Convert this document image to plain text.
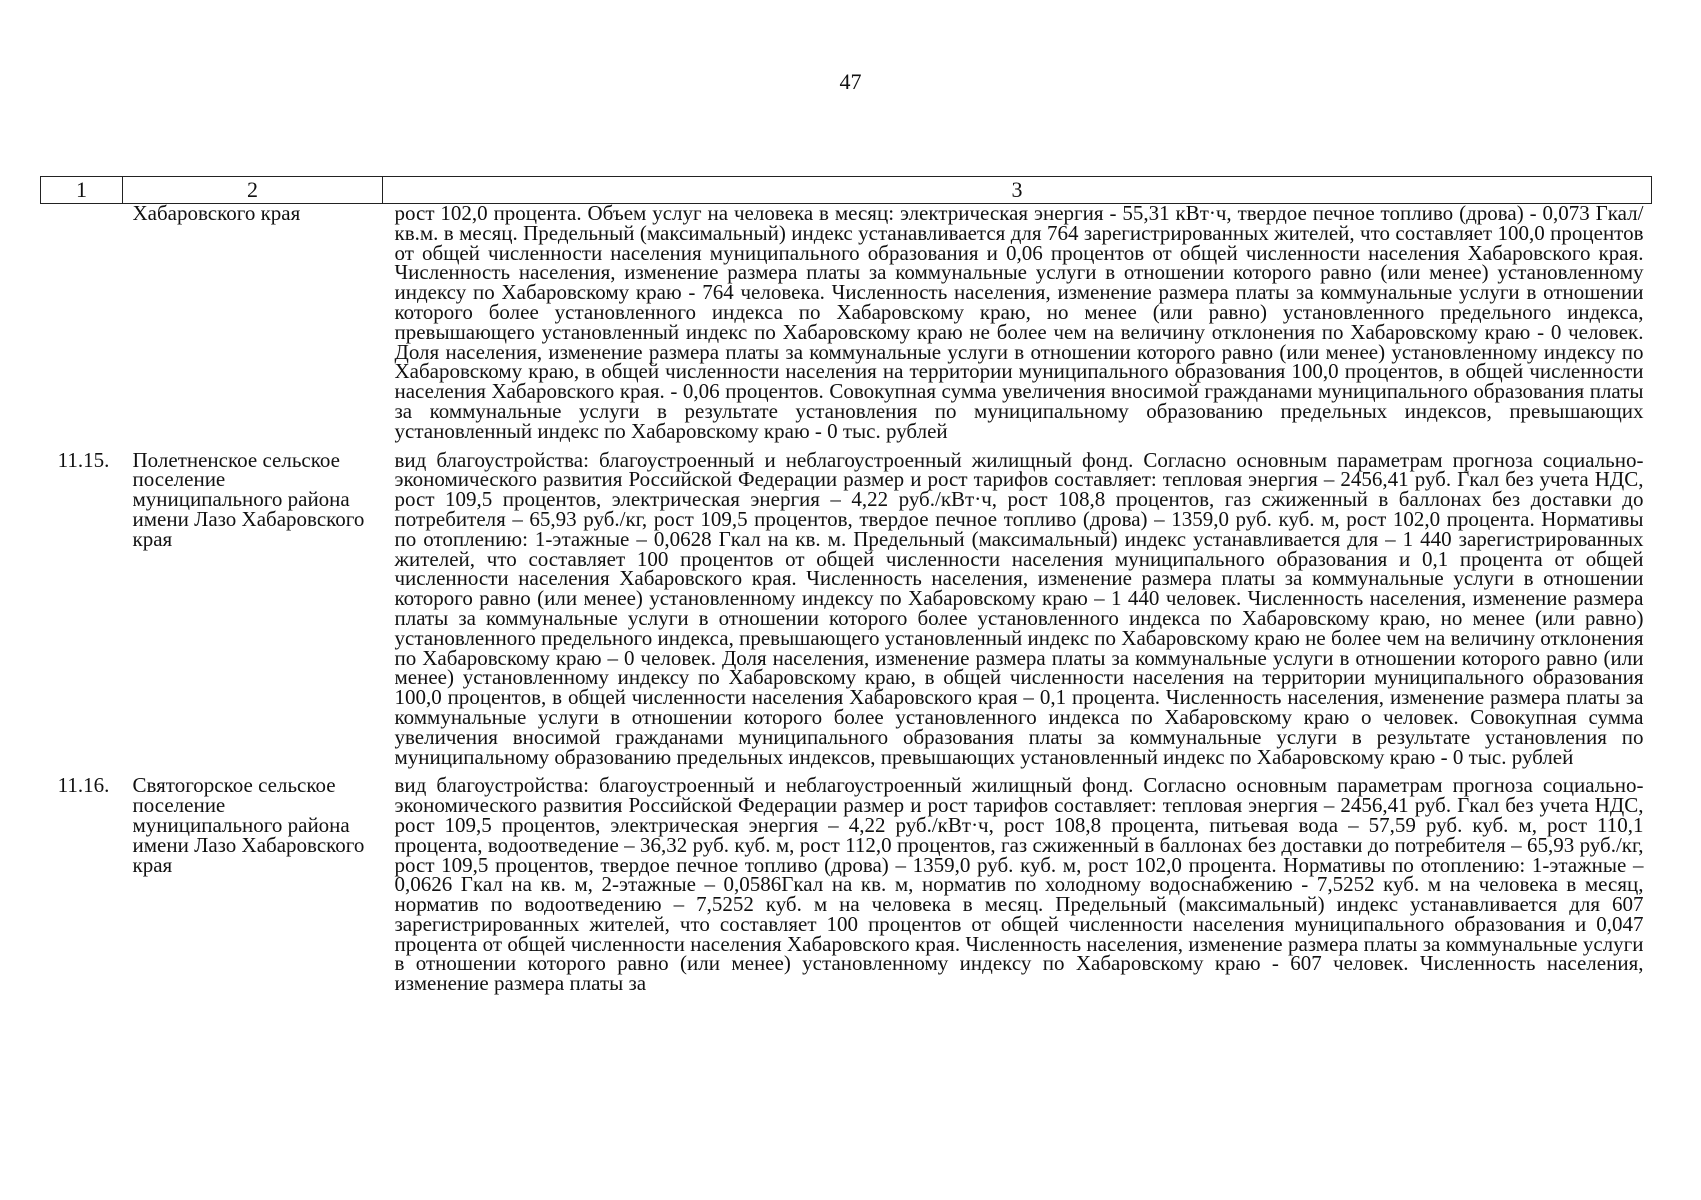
47
1	2	3
	Хабаровского края	рост 102,0 процента. Объем услуг на человека в месяц: электрическая энергия - 55,31 кВт·ч, твердое печное топливо (дрова) - 0,073 Гкал/кв.м. в месяц. Предельный (максимальный) индекс устанавливается для 764 зарегистрированных жителей, что составляет 100,0 процентов от общей численности населения муниципального образования и 0,06 процентов от общей численности населения Хабаровского края. Численность населения, изменение размера платы за коммунальные услуги в отношении которого равно (или менее) установленному индексу по Хабаровскому краю - 764 человека. Численность населения, изменение размера платы за коммунальные услуги в отношении которого более установленного индекса по Хабаровскому краю, но менее (или равно) установленного предельного индекса, превышающего установленный индекс по Хабаровскому краю не более чем на величину отклонения по Хабаровскому краю - 0 человек. Доля населения, изменение размера платы за коммунальные услуги в отношении которого равно (или менее) установленному индексу по Хабаровскому краю, в общей численности населения на территории муниципального образования 100,0 процентов, в общей численности населения Хабаровского края. - 0,06 процентов. Совокупная сумма увеличения вносимой гражданами муниципального образования платы за коммунальные услуги в результате установления по муниципальному образованию предельных индексов, превышающих установленный индекс по Хабаровскому краю - 0 тыс. рублей
11.15.	Полетненское сельское поселение муниципального района имени Лазо Хабаровского края	вид благоустройства: благоустроенный и неблагоустроенный жилищный фонд. Согласно основным параметрам прогноза социально-экономического развития Российской Федерации размер и рост тарифов составляет: тепловая энергия – 2456,41 руб. Гкал без учета НДС, рост 109,5 процентов, электрическая энергия – 4,22 руб./кВт·ч, рост 108,8 процентов, газ сжиженный в баллонах без доставки до потребителя – 65,93 руб./кг, рост 109,5 процентов, твердое печное топливо (дрова) – 1359,0 руб. куб. м, рост 102,0 процента. Нормативы по отоплению: 1-этажные – 0,0628 Гкал на кв. м. Предельный (максимальный) индекс устанавливается для – 1 440 зарегистрированных жителей, что составляет 100 процентов от общей численности населения муниципального образования и 0,1 процента от общей численности населения Хабаровского края. Численность населения, изменение размера платы за коммунальные услуги в отношении которого равно (или менее) установленному индексу по Хабаровскому краю – 1 440 человек. Численность населения, изменение размера платы за коммунальные услуги в отношении которого более установленного индекса по Хабаровскому краю, но менее (или равно) установленного предельного индекса, превышающего установленный индекс по Хабаровскому краю не более чем на величину отклонения по Хабаровскому краю – 0 человек. Доля населения, изменение размера платы за коммунальные услуги в отношении которого равно (или менее) установленному индексу по Хабаровскому краю, в общей численности населения на территории муниципального образования 100,0 процентов, в общей численности населения Хабаровского края – 0,1 процента. Численность населения, изменение размера платы за коммунальные услуги в отношении которого более установленного индекса по Хабаровскому краю о человек. Совокупная сумма увеличения вносимой гражданами муниципального образования платы за коммунальные услуги в результате установления по муниципальному образованию предельных индексов, превышающих установленный индекс по Хабаровскому краю - 0 тыс. рублей
11.16.	Святогорское сельское поселение муниципального района имени Лазо Хабаровского края	вид благоустройства: благоустроенный и неблагоустроенный жилищный фонд. Согласно основным параметрам прогноза социально-экономического развития Российской Федерации размер и рост тарифов составляет: тепловая энергия – 2456,41 руб. Гкал без учета НДС, рост 109,5 процентов, электрическая энергия – 4,22 руб./кВт·ч, рост 108,8 процента, питьевая вода – 57,59 руб. куб. м, рост 110,1 процента, водоотведение – 36,32 руб. куб. м, рост 112,0 процентов, газ сжиженный в баллонах без доставки до потребителя – 65,93 руб./кг, рост 109,5 процентов, твердое печное топливо (дрова) – 1359,0 руб. куб. м, рост 102,0 процента. Нормативы по отоплению: 1-этажные – 0,0626 Гкал на кв. м, 2-этажные – 0,0586Гкал на кв. м, норматив по холодному водоснабжению - 7,5252 куб. м на человека в месяц, норматив по водоотведению – 7,5252 куб. м на человека в месяц. Предельный (максимальный) индекс устанавливается для 607 зарегистрированных жителей, что составляет 100 процентов от общей численности населения муниципального образования и 0,047 процента от общей численности населения Хабаровского края. Численность населения, изменение размера платы за коммунальные услуги в отношении которого равно (или менее) установленному индексу по Хабаровскому краю - 607 человек. Численность населения, изменение размера платы за
